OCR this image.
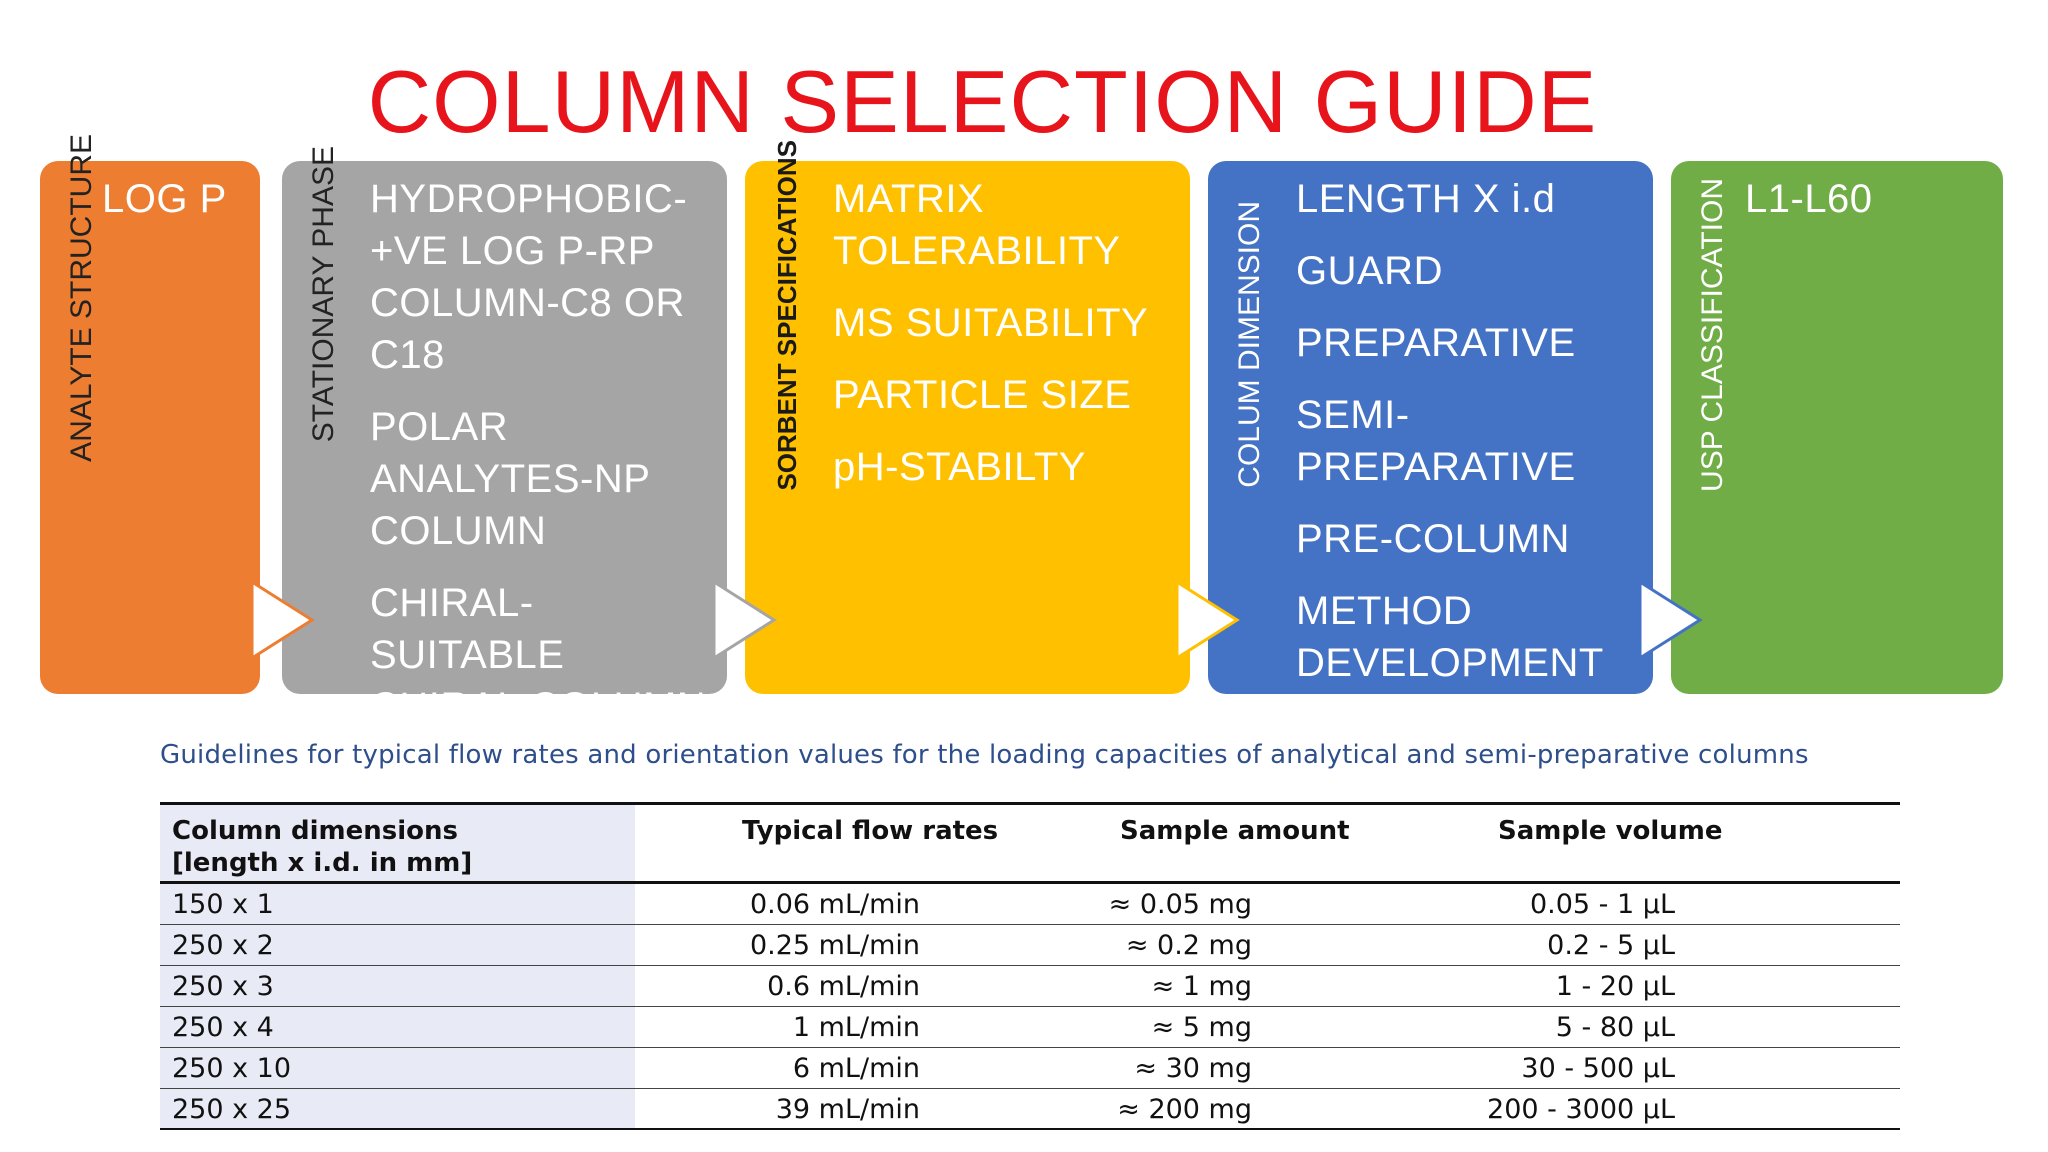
COLUMN SELECTION GUIDE
ANALYTE STRUCTURE LOG P	STATIONARY PHASE HYDROPHOBIC-
+VE LOG P-RP
COLUMN-C8 OR
C18
POLAR
ANALYTES-NP
COLUMN
CHIRAL-SUITABLE
CHIRAL COLUMN
SORBENT SPECIFICATIONS MATRIX
TOLERABILITY
MS SUITABILITY
PARTICLE SIZE
pH-STABILTY	COLUM DIMENSION
LENGTH X i.d
GUARD
PREPARATIVE
SEMI-
PREPARATIVE
PRE-COLUMN
METHOD
DEVELOPMENT
USP CLASSIFICATION L1-L60
Guidelines for typical flow rates and orientation values for the loading capacities of analytical and semi-preparative columns
Column dimensions
[length x i.d. in mm]
Typical flow rates	Sample amount	Sample volume
150 x 1	0.06 mL/min	≈ 0.05 mg	0.05 - 1 µL
250 x 2	0.25 mL/min	≈ 0.2 mg	0.2 - 5 µL
250 x 3	0.6 mL/min	≈ 1 mg	1 - 20 µL
250 x 4	1 mL/min	≈ 5 mg	5 - 80 µL
250 x 10	6 mL/min	≈ 30 mg	30 - 500 µL
250 x 25	39 mL/min	≈ 200 mg	200 - 3000 µL
